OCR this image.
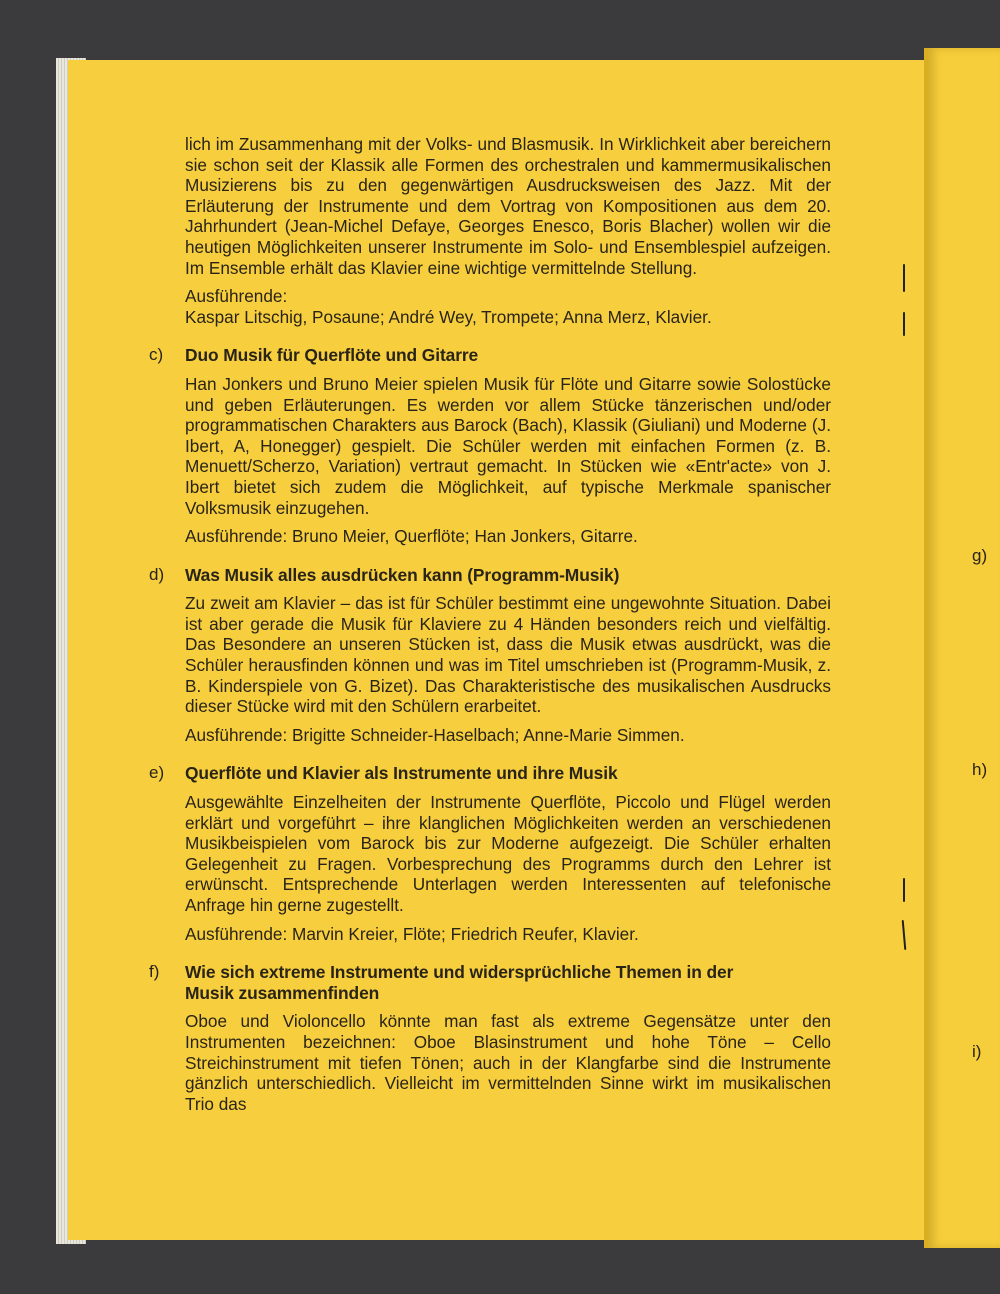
g)
h)
i)

lich im Zusammenhang mit der Volks- und Blasmusik. In Wirklichkeit aber bereichern sie schon seit der Klassik alle Formen des orchestralen und kammermusikalischen Musizierens bis zu den gegenwärtigen Ausdrucksweisen des Jazz. Mit der Erläuterung der Instrumente und dem Vortrag von Kompositionen aus dem 20. Jahrhundert (Jean-Michel Defaye, Georges Enesco, Boris Blacher) wollen wir die heutigen Möglichkeiten unserer Instrumente im Solo- und Ensemblespiel aufzeigen. Im Ensemble erhält das Klavier eine wichtige vermittelnde Stellung.

Ausführende:

Kaspar Litschig, Posaune; André Wey, Trompete; Anna Merz, Klavier.

c) Duo Musik für Querflöte und Gitarre

Han Jonkers und Bruno Meier spielen Musik für Flöte und Gitarre sowie Solostücke und geben Erläuterungen. Es werden vor allem Stücke tänzerischen und/oder programmatischen Charakters aus Barock (Bach), Klassik (Giuliani) und Moderne (J. Ibert, A, Honegger) gespielt. Die Schüler werden mit einfachen Formen (z. B. Menuett/Scherzo, Variation) vertraut gemacht. In Stücken wie «Entr'acte» von J. Ibert bietet sich zudem die Möglichkeit, auf typische Merkmale spanischer Volksmusik einzugehen.

Ausführende: Bruno Meier, Querflöte; Han Jonkers, Gitarre.

d) Was Musik alles ausdrücken kann (Programm-Musik)

Zu zweit am Klavier – das ist für Schüler bestimmt eine ungewohnte Situation. Dabei ist aber gerade die Musik für Klaviere zu 4 Händen besonders reich und vielfältig. Das Besondere an unseren Stücken ist, dass die Musik etwas ausdrückt, was die Schüler herausfinden können und was im Titel umschrieben ist (Programm-Musik, z. B. Kinderspiele von G. Bizet). Das Charakteristische des musikalischen Ausdrucks dieser Stücke wird mit den Schülern erarbeitet.

Ausführende: Brigitte Schneider-Haselbach; Anne-Marie Simmen.

e) Querflöte und Klavier als Instrumente und ihre Musik

Ausgewählte Einzelheiten der Instrumente Querflöte, Piccolo und Flügel werden erklärt und vorgeführt – ihre klanglichen Möglichkeiten werden an verschiedenen Musikbeispielen vom Barock bis zur Moderne aufgezeigt. Die Schüler erhalten Gelegenheit zu Fragen. Vorbesprechung des Programms durch den Lehrer ist erwünscht. Entsprechende Unterlagen werden Interessenten auf telefonische Anfrage hin gerne zugestellt.

Ausführende: Marvin Kreier, Flöte; Friedrich Reufer, Klavier.

f) Wie sich extreme Instrumente und widersprüchliche Themen in der Musik zusammenfinden

Oboe und Violoncello könnte man fast als extreme Gegensätze unter den Instrumenten bezeichnen: Oboe Blasinstrument und hohe Töne – Cello Streichinstrument mit tiefen Tönen; auch in der Klangfarbe sind die Instrumente gänzlich unterschiedlich. Vielleicht im vermittelnden Sinne wirkt im musikalischen Trio das
